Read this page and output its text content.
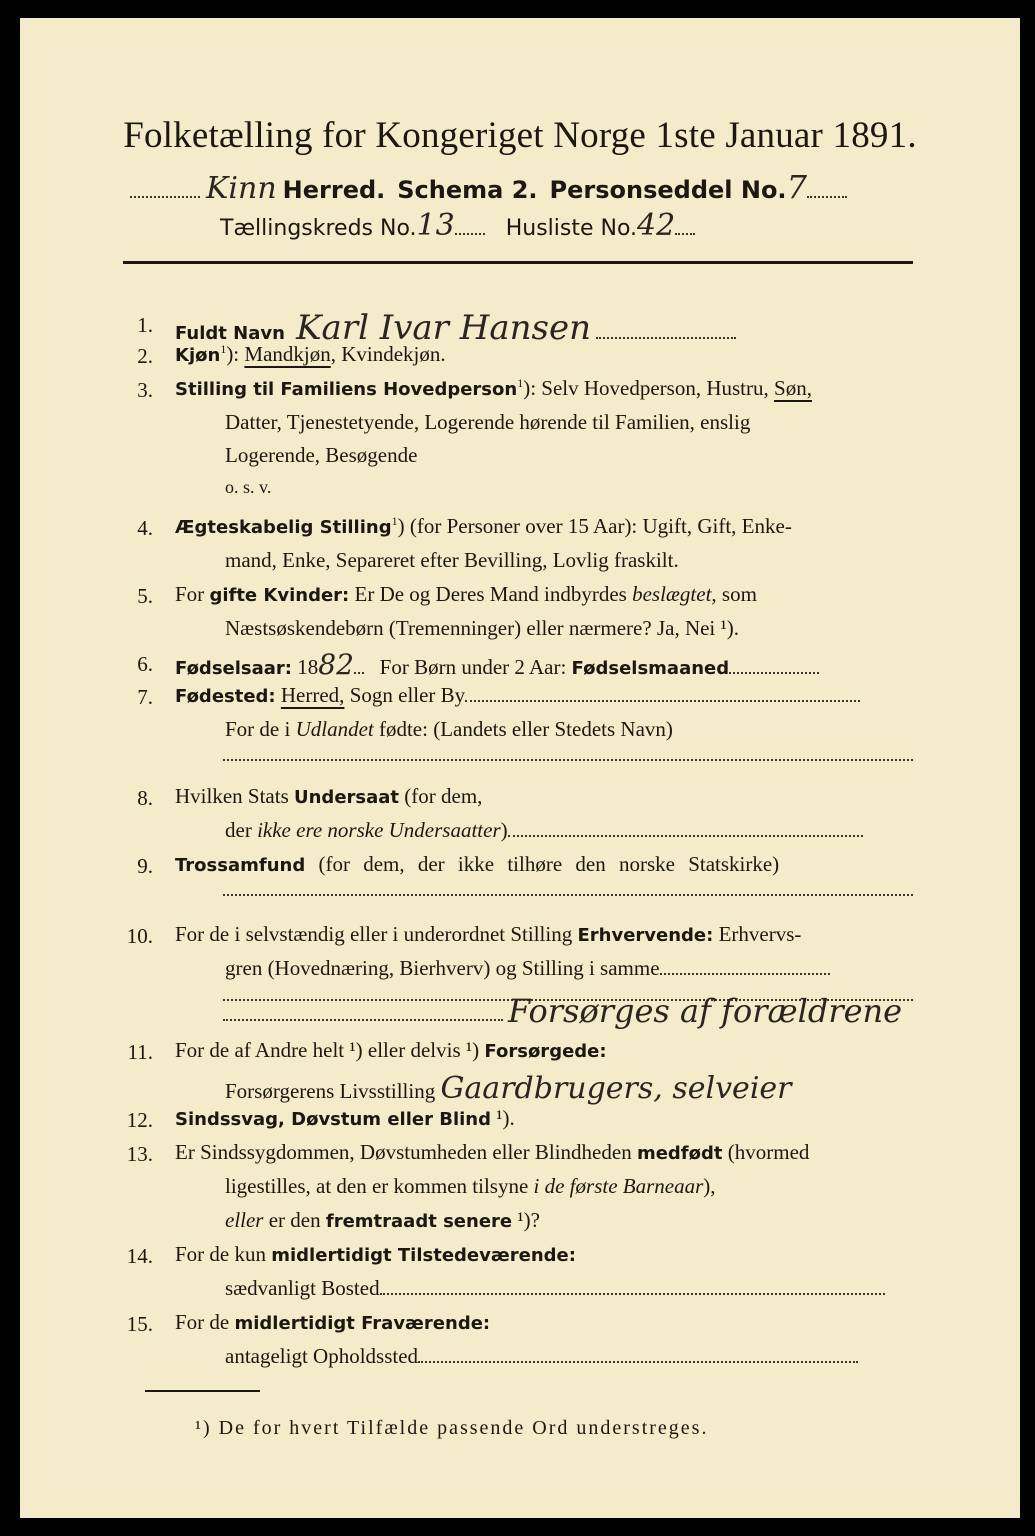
Folketælling for Kongeriget Norge 1ste Januar 1891.
Kinn Herred. Schema 2. Personseddel No.7
Tællingskreds No.13 Husliste No.42
1. Fuldt Navn Karl Ivar Hansen
2. Kjøn$^1$): Mandkjøn, Kvindekjøn.
3. Stilling til Familiens Hovedperson$^1$): Selv Hovedperson, Hustru, Søn,
Datter, Tjenestetyende, Logerende hørende til Familien, enslig
Logerende, Besøgende
o. s. v.
4. Ægteskabelig Stilling$^1$) (for Personer over 15 Aar): Ugift, Gift, Enke-
mand, Enke, Separeret efter Bevilling, Lovlig fraskilt.
5. For gifte Kvinder: Er De og Deres Mand indbyrdes beslægtet, som
Næstsøskendebørn (Tremenninger) eller nærmere? Ja, Nei ¹).
6. Fødselsaar: 1882 For Børn under 2 Aar: Fødselsmaaned
7. Fødested: Herred, Sogn eller By
For de i Udlandet fødte: (Landets eller Stedets Navn)
8. Hvilken Stats Undersaat (for dem,
der ikke ere norske Undersaatter)
9. Trossamfund (for dem, der ikke tilhøre den norske Statskirke)
10. For de i selvstændig eller i underordnet Stilling Erhvervende: Erhvervs-
gren (Hovednæring, Bierhverv) og Stilling i samme
Forsørges af forældrene
11. For de af Andre helt ¹) eller delvis ¹) Forsørgede:
Forsørgerens Livsstilling Gaardbrugers, selveier
12. Sindssvag, Døvstum eller Blind ¹).
13. Er Sindssygdommen, Døvstumheden eller Blindheden medfødt (hvormed
ligestilles, at den er kommen tilsyne i de første Barneaar),
eller er den fremtraadt senere ¹)?
14. For de kun midlertidigt Tilstedeværende:
sædvanligt Bosted
15. For de midlertidigt Fraværende:
antageligt Opholdssted
¹) De for hvert Tilfælde passende Ord understreges.
